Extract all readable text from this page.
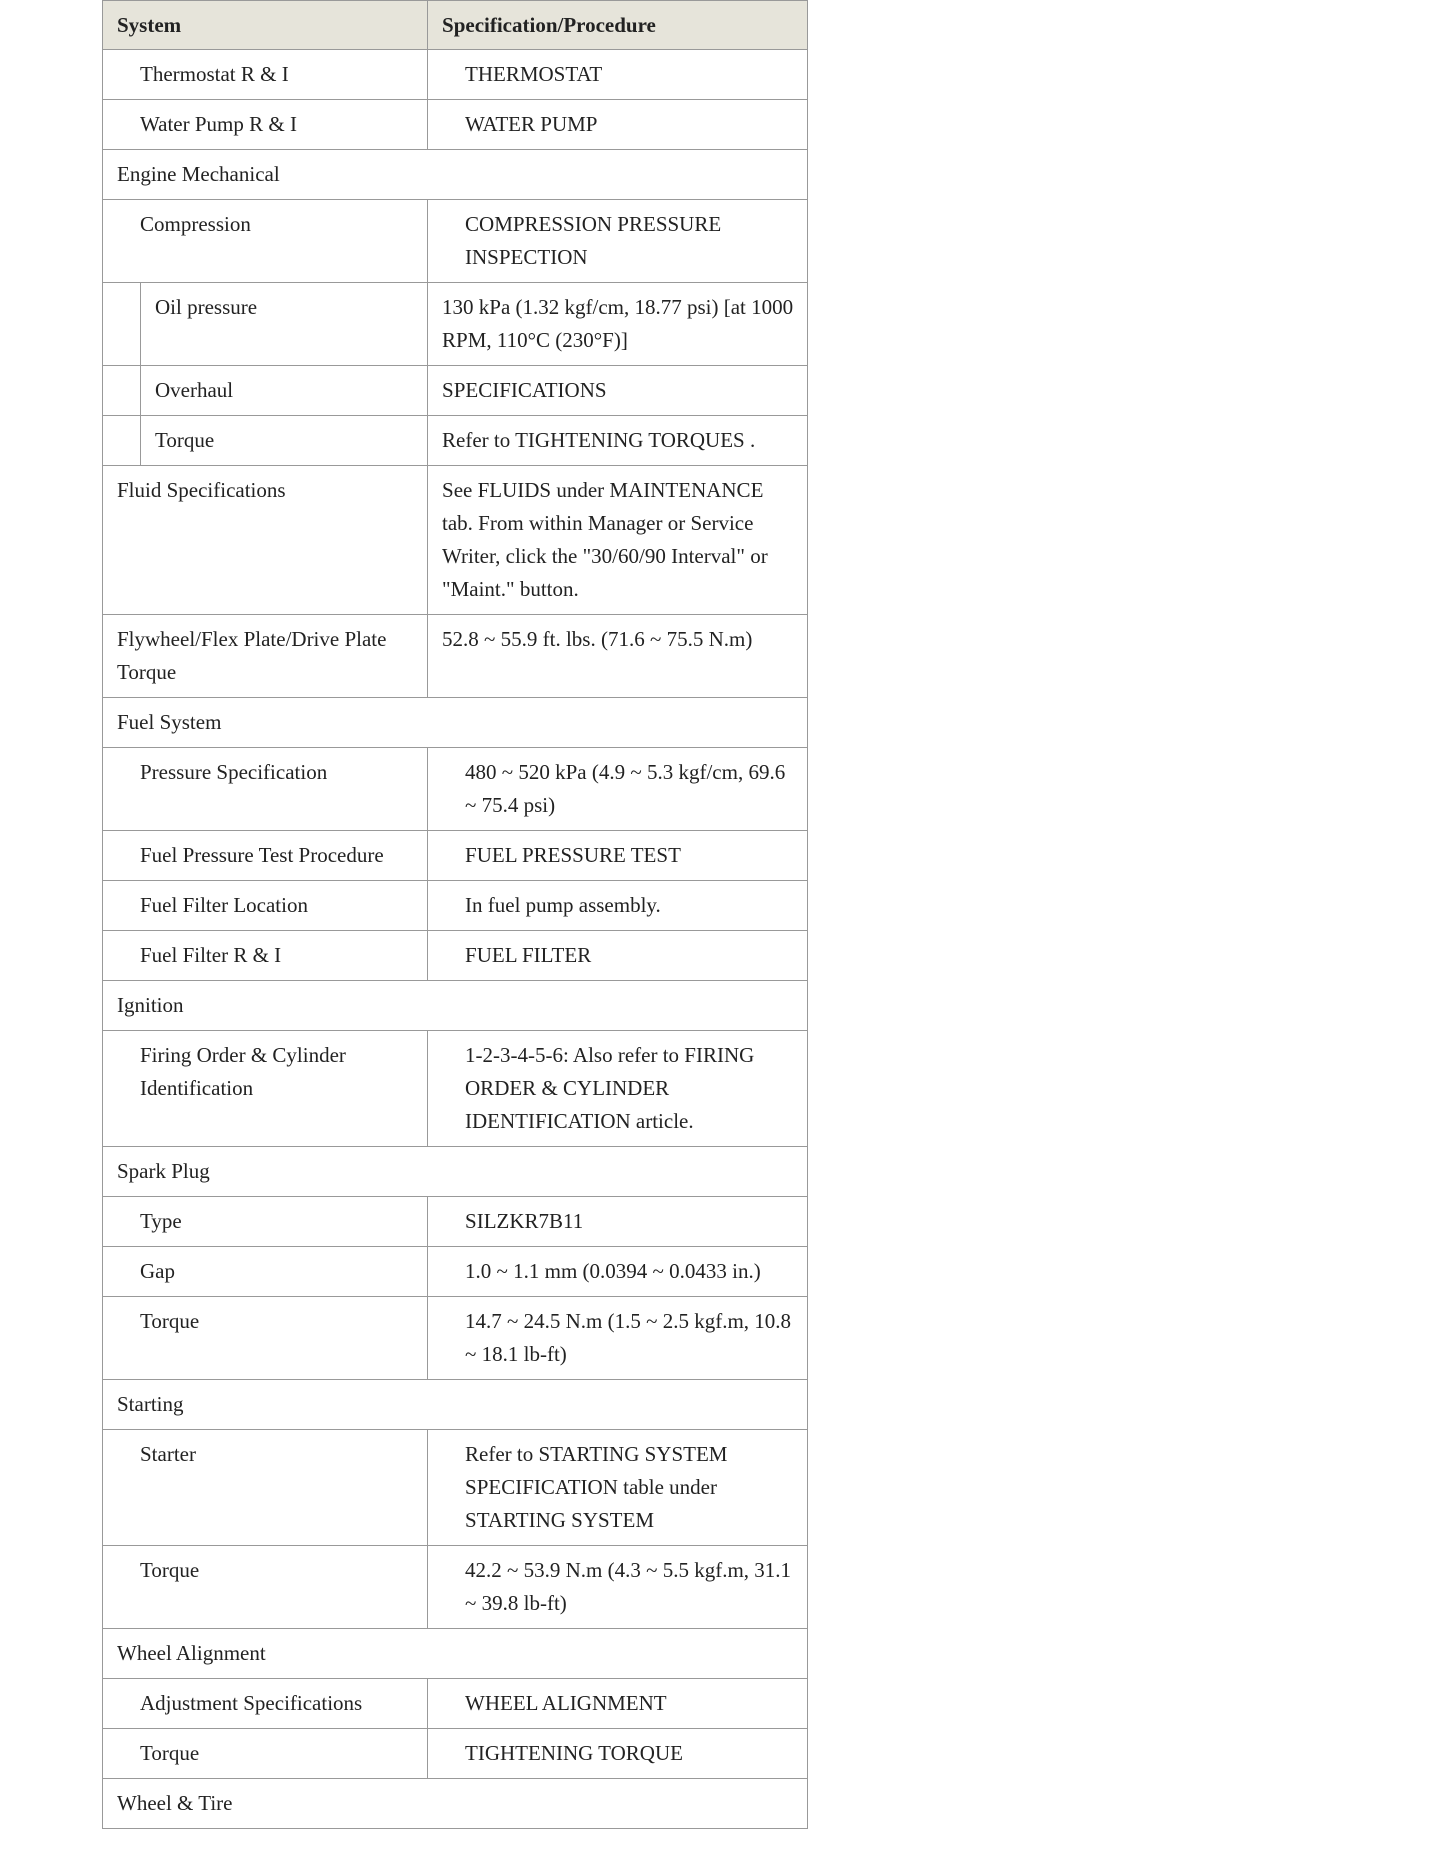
System		Specification/Procedure

Thermostat R & I		THERMOSTAT

Water Pump R & I		WATER PUMP

Engine Mechanical		

Compression		COMPRESSION PRESSURE INSPECTION

	Oil pressure	130 kPa (1.32 kgf/cm, 18.77 psi) [at 1000 RPM, 110°C (230°F)]

	Overhaul	SPECIFICATIONS

	Torque	Refer to TIGHTENING TORQUES .

Fluid Specifications		See FLUIDS under MAINTENANCE tab. From within Manager or Service Writer, click the "30/60/90 Interval" or "Maint." button.

Flywheel/Flex Plate/Drive Plate Torque		52.8 ~ 55.9 ft. lbs. (71.6 ~ 75.5 N.m)

Fuel System		

Pressure Specification		480 ~ 520 kPa (4.9 ~ 5.3 kgf/cm, 69.6 ~ 75.4 psi)

Fuel Pressure Test Procedure		FUEL PRESSURE TEST

Fuel Filter Location		In fuel pump assembly.

Fuel Filter R & I		FUEL FILTER

Ignition		

Firing Order & Cylinder Identification		1-2-3-4-5-6: Also refer to FIRING ORDER & CYLINDER IDENTIFICATION article.

Spark Plug		

Type		SILZKR7B11

Gap		1.0 ~ 1.1 mm (0.0394 ~ 0.0433 in.)

Torque		14.7 ~ 24.5 N.m (1.5 ~ 2.5 kgf.m, 10.8 ~ 18.1 lb-ft)

Starting		

Starter		Refer to STARTING SYSTEM SPECIFICATION table under STARTING SYSTEM

Torque		42.2 ~ 53.9 N.m (4.3 ~ 5.5 kgf.m, 31.1 ~ 39.8 lb-ft)

Wheel Alignment		

Adjustment Specifications		WHEEL ALIGNMENT

Torque		TIGHTENING TORQUE

Wheel & Tire		
